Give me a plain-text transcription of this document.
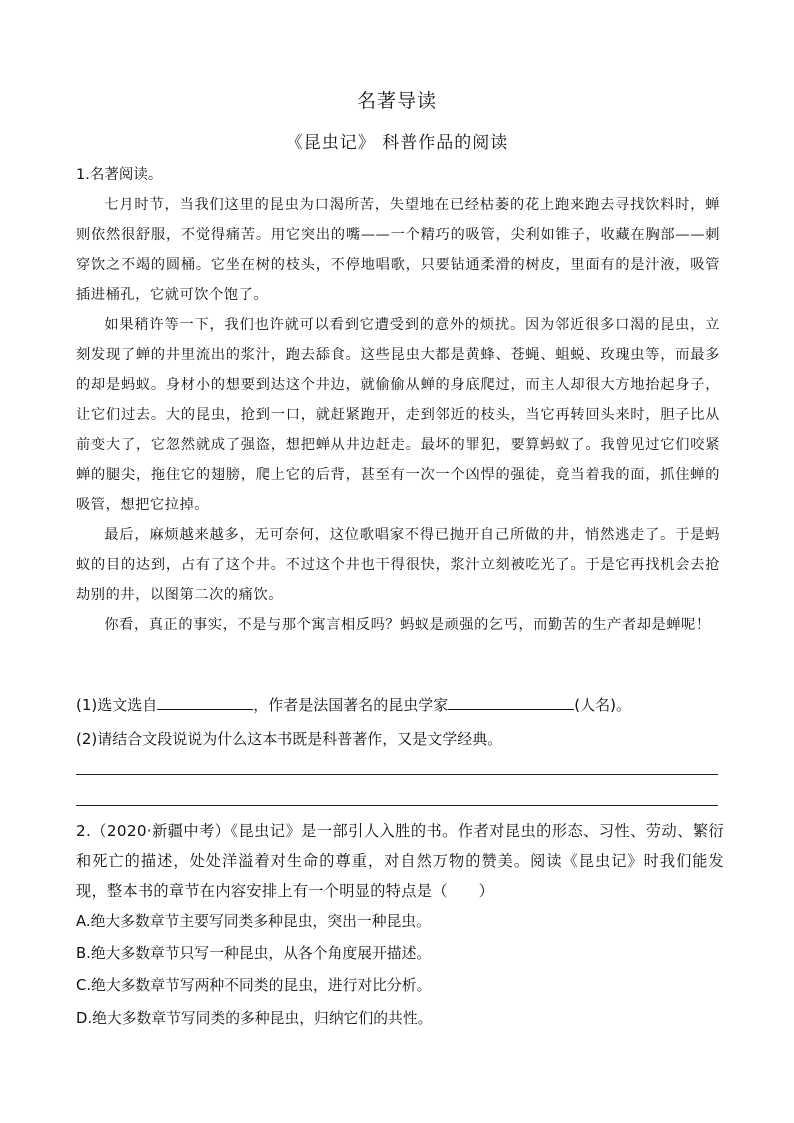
名著导读
《昆虫记》 科普作品的阅读
1.名著阅读。

七月时节，当我们这里的昆虫为口渴所苦，失望地在已经枯萎的花上跑来跑去寻找饮料时，蝉则依然很舒服，不觉得痛苦。用它突出的嘴——一个精巧的吸管，尖利如锥子，收藏在胸部——刺穿饮之不竭的圆桶。它坐在树的枝头，不停地唱歌，只要钻通柔滑的树皮，里面有的是汁液，吸管插进桶孔，它就可饮个饱了。

如果稍许等一下，我们也许就可以看到它遭受到的意外的烦扰。因为邻近很多口渴的昆虫，立刻发现了蝉的井里流出的浆汁，跑去舔食。这些昆虫大都是黄蜂、苍蝇、蛆蜕、玫瑰虫等，而最多的却是蚂蚁。身材小的想要到达这个井边，就偷偷从蝉的身底爬过，而主人却很大方地抬起身子，让它们过去。大的昆虫，抢到一口，就赶紧跑开，走到邻近的枝头，当它再转回头来时，胆子比从前变大了，它忽然就成了强盗，想把蝉从井边赶走。最坏的罪犯，要算蚂蚁了。我曾见过它们咬紧蝉的腿尖，拖住它的翅膀，爬上它的后背，甚至有一次一个凶悍的强徒，竟当着我的面，抓住蝉的吸管，想把它拉掉。

最后，麻烦越来越多，无可奈何，这位歌唱家不得已抛开自己所做的井，悄然逃走了。于是蚂蚁的目的达到，占有了这个井。不过这个井也干得很快，浆汁立刻被吃光了。于是它再找机会去抢劫别的井，以图第二次的痛饮。

你看，真正的事实，不是与那个寓言相反吗？蚂蚁是顽强的乞丐，而勤苦的生产者却是蝉呢！

(1)选文选自	，作者是法国著名的昆虫学家	(人名)。
(2)请结合文段说说为什么这本书既是科普著作，又是文学经典。

2.（2020·新疆中考）《昆虫记》是一部引人入胜的书。作者对昆虫的形态、习性、劳动、繁衍和死亡的描述，处处洋溢着对生命的尊重，对自然万物的赞美。阅读《昆虫记》时我们能发现，整本书的章节在内容安排上有一个明显的特点是（　　）

A.绝大多数章节主要写同类多种昆虫，突出一种昆虫。
B.绝大多数章节只写一种昆虫，从各个角度展开描述。
C.绝大多数章节写两种不同类的昆虫，进行对比分析。
D.绝大多数章节写同类的多种昆虫，归纳它们的共性。
